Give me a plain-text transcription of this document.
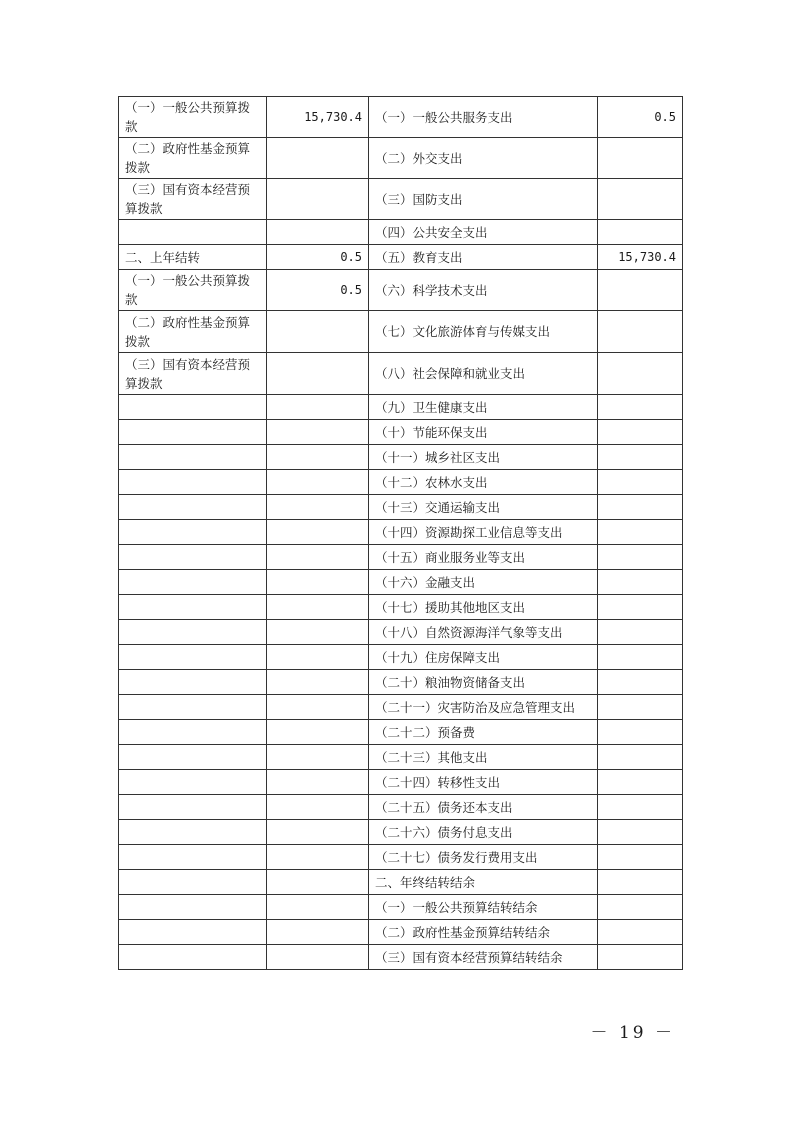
（一）一般公共预算拨款	15,730.4	（一）一般公共服务支出	0.5
（二）政府性基金预算拨款		（二）外交支出	
（三）国有资本经营预算拨款		（三）国防支出	
		（四）公共安全支出	
二、上年结转	0.5	（五）教育支出	15,730.4
（一）一般公共预算拨款	0.5	（六）科学技术支出	
（二）政府性基金预算拨款		（七）文化旅游体育与传媒支出	
（三）国有资本经营预算拨款		（八）社会保障和就业支出	
		（九）卫生健康支出	
		（十）节能环保支出	
		（十一）城乡社区支出	
		（十二）农林水支出	
		（十三）交通运输支出	
		（十四）资源勘探工业信息等支出	
		（十五）商业服务业等支出	
		（十六）金融支出	
		（十七）援助其他地区支出	
		（十八）自然资源海洋气象等支出	
		（十九）住房保障支出	
		（二十）粮油物资储备支出	
		（二十一）灾害防治及应急管理支出	
		（二十二）预备费	
		（二十三）其他支出	
		（二十四）转移性支出	
		（二十五）债务还本支出	
		（二十六）债务付息支出	
		（二十七）债务发行费用支出	
		二、年终结转结余	
		（一）一般公共预算结转结余	
		（二）政府性基金预算结转结余	
		（三）国有资本经营预算结转结余	
－ 19 －
